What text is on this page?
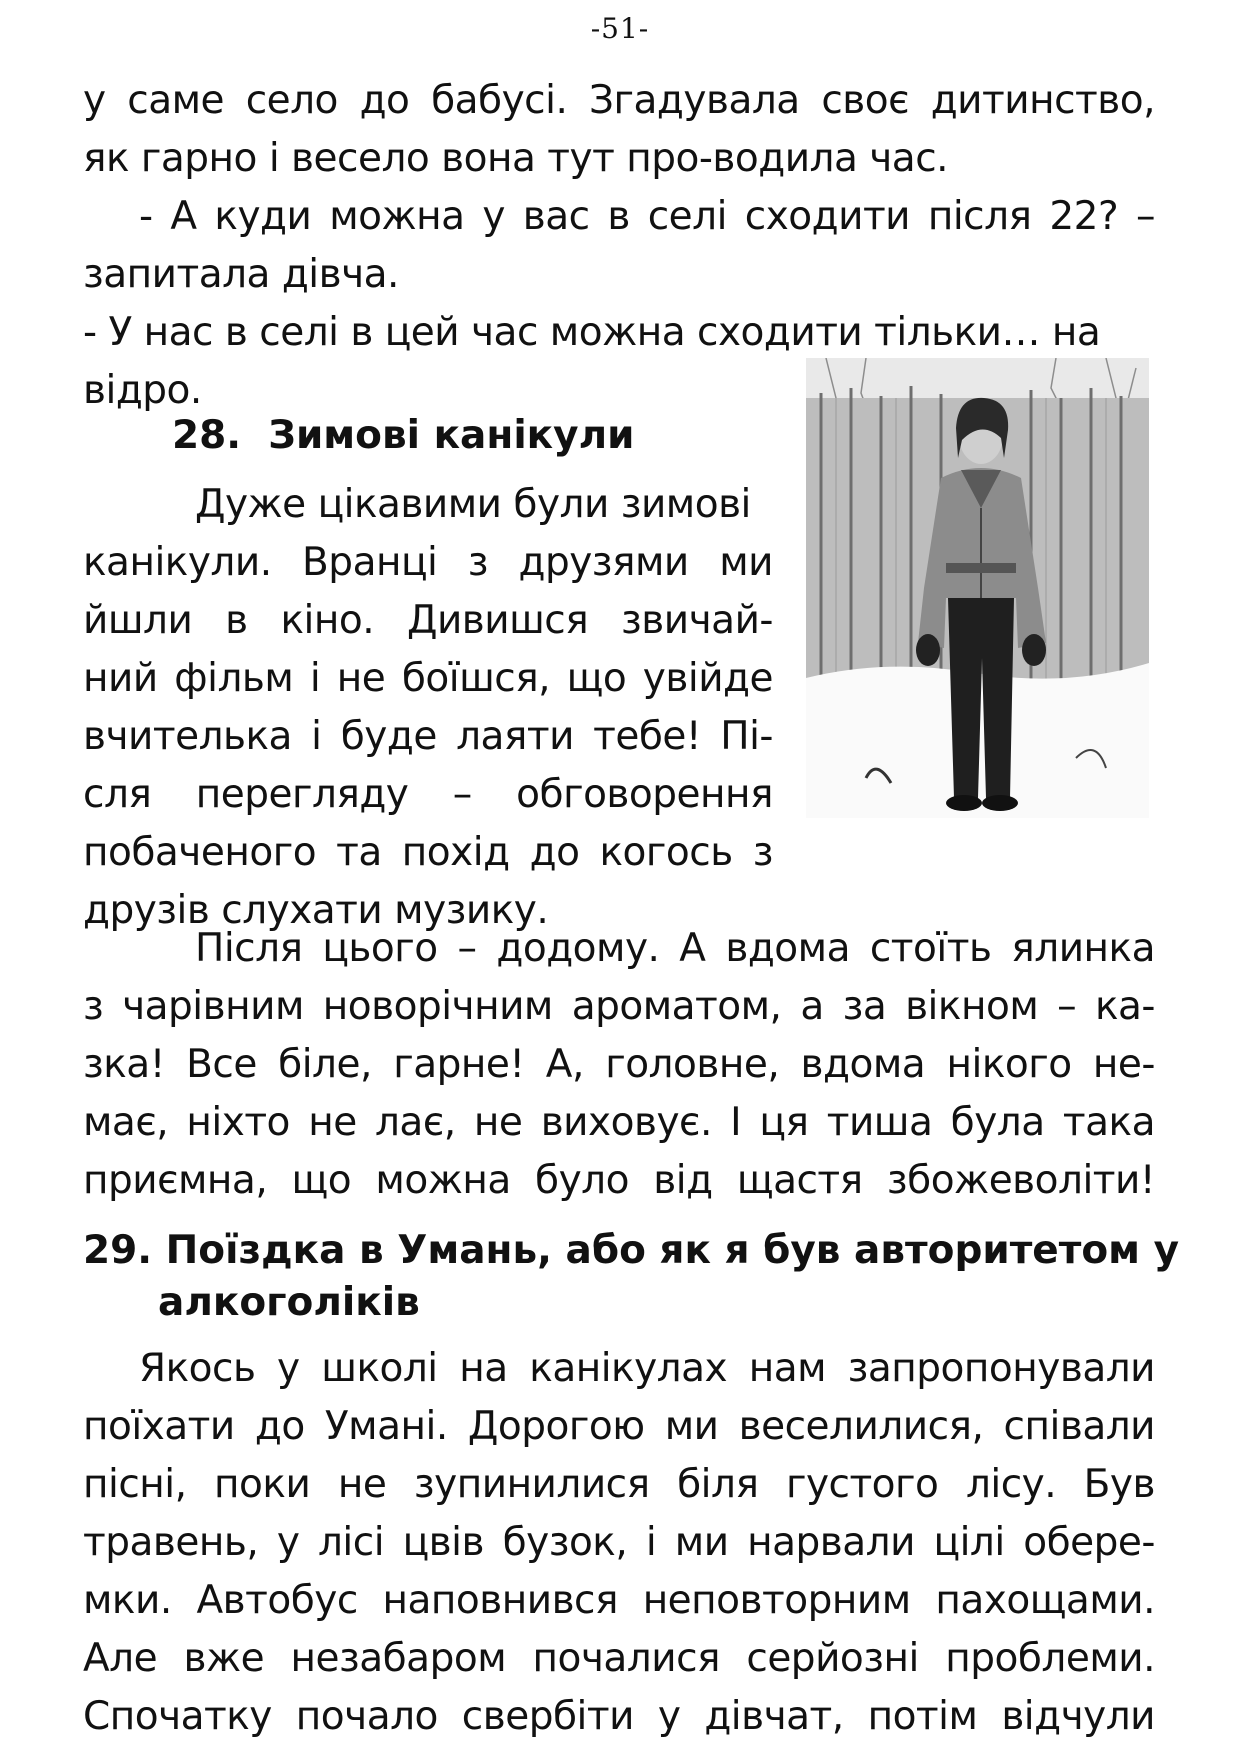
-51-
у саме село до бабусі. Згадувала своє дитинство,
як гарно і весело вона тут про-водила час.
- А куди можна у вас в селі сходити після 22? –
запитала дівча.
- У нас в селі в цей час можна сходити тільки… на
відро.
28. Зимові канікули
Дуже цікавими були зимові
канікули. Вранці з друзями ми
йшли в кіно. Дивишся звичай-
ний фільм і не боїшся, що увійде
вчителька і буде лаяти тебе! Пі-
сля перегляду – обговорення
побаченого та похід до когось з
друзів слухати музику.
Після цього – додому. А вдома стоїть ялинка
з чарівним новорічним ароматом, а за вікном – ка-
зка! Все біле, гарне! А, головне, вдома нікого не-
має, ніхто не лає, не виховує. І ця тиша була така
приємна, що можна було від щастя збожеволіти!
29. Поїздка в Умань, або як я був авторитетом у
алкоголіків
Якось у школі на канікулах нам запропонували
поїхати до Умані. Дорогою ми веселилися, співали
пісні, поки не зупинилися біля густого лісу. Був
травень, у лісі цвів бузок, і ми нарвали цілі обере-
мки. Автобус наповнився неповторним пахощами.
Але вже незабаром почалися серйозні проблеми.
Спочатку почало свербіти у дівчат, потім відчули
